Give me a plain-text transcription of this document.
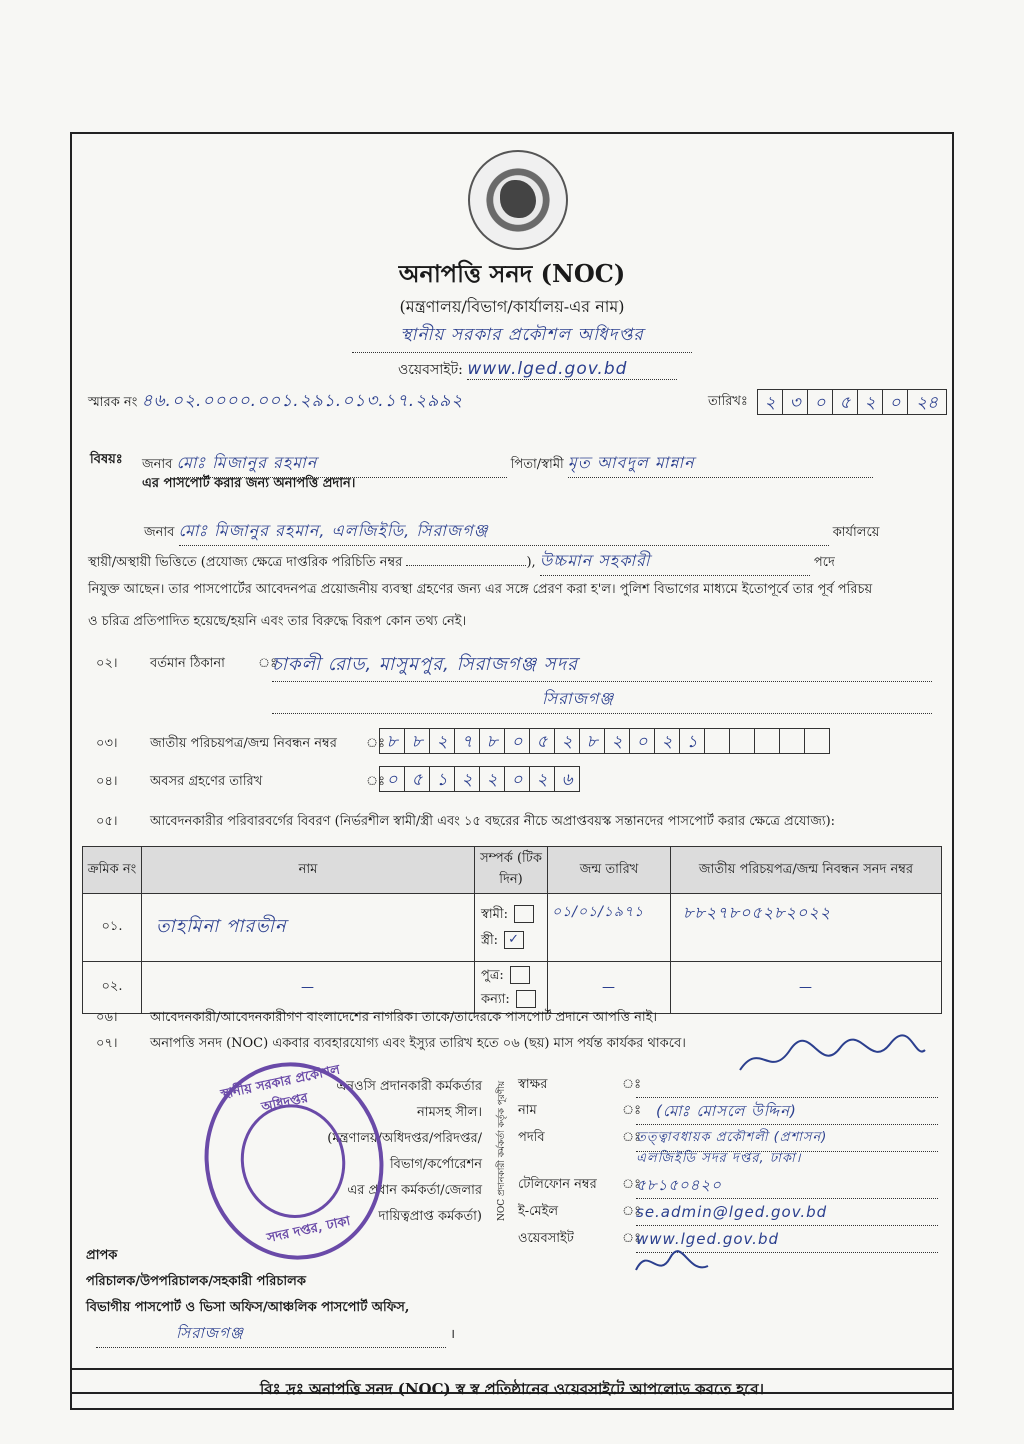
অনাপত্তি সনদ (NOC)
(মন্ত্রণালয়/বিভাগ/কার্যালয়-এর নাম)
স্থানীয় সরকার প্রকৌশল অধিদপ্তর
ওয়েবসাইট: www.lged.gov.bd
স্মারক নং ৪৬.০২.০০০০.০০১.২৯১.০১৩.১৭.২৯৯২	তারিখঃ ২ ৩ ০ ৫ ২ ০ ২৪
বিষয়ঃ জনাব মোঃ মিজানুর রহমান	পিতা/স্বামী মৃত আবদুল মান্নান
এর পাসপোর্ট করার জন্য অনাপত্তি প্রদান।
জনাব মোঃ মিজানুর রহমান, এলজিইডি, সিরাজগঞ্জ	কার্যালয়ে
স্থায়ী/অস্থায়ী ভিত্তিতে (প্রযোজ্য ক্ষেত্রে দাপ্তরিক পরিচিতি নম্বর	), উচ্চমান সহকারী	পদে
নিযুক্ত আছেন। তার পাসপোর্টের আবেদনপত্র প্রয়োজনীয় ব্যবস্থা গ্রহণের জন্য এর সঙ্গে প্রেরণ করা হ'ল। পুলিশ বিভাগের মাধ্যমে ইতোপূর্বে তার পূর্ব পরিচয়
ও চরিত্র প্রতিপাদিত হয়েছে/হয়নি এবং তার বিরুদ্ধে বিরূপ কোন তথ্য নেই।
০২। বর্তমান ঠিকানা	ঃ
চাকলী রোড, মাসুমপুর, সিরাজগঞ্জ সদর
সিরাজগঞ্জ
০৩। জাতীয় পরিচয়পত্র/জন্ম নিবন্ধন নম্বর ঃ ৮ ৮ ২ ৭ ৮ ০ ৫ ২ ৮ ২ ০ ২ ১
০৪। অবসর গ্রহণের তারিখ	ঃ ০ ৫ ১ ২ ২ ০ ২ ৬
০৫। আবেদনকারীর পরিবারবর্গের বিবরণ (নির্ভরশীল স্বামী/স্ত্রী এবং ১৫ বছরের নীচে অপ্রাপ্তবয়স্ক সন্তানদের পাসপোর্ট করার ক্ষেত্রে প্রযোজ্য):
ক্রমিক নং	নাম	সম্পর্ক (টিক দিন)	জন্ম তারিখ	জাতীয় পরিচয়পত্র/জন্ম নিবন্ধন সনদ নম্বর
০১.	তাহমিনা পারভীন	স্বামী:
স্ত্রী: ✓	০১/০১/১৯৭১	৮৮২৭৮০৫২৮২০২২
০২.	—	পুত্র:
কন্যা:	—	—
০৬। আবেদনকারী/আবেদনকারীগণ বাংলাদেশের নাগরিক। তাকে/তাদেরকে পাসপোর্ট প্রদানে আপত্তি নাই।
০৭। অনাপত্তি সনদ (NOC) একবার ব্যবহারযোগ্য এবং ইস্যুর তারিখ হতে ০৬ (ছয়) মাস পর্যন্ত কার্যকর থাকবে।
এনওসি প্রদানকারী কর্মকর্তার
নামসহ সীল।
(মন্ত্রণালয়/অধিদপ্তর/পরিদপ্তর/
বিভাগ/কর্পোরেশন
এর প্রধান কর্মকর্তা/জেলার
দায়িত্বপ্রাপ্ত কর্মকর্তা)	NOC প্রদানকারী কর্মকর্তা কর্তৃক পূরণীয় স্বাক্ষর	ঃ
নাম	ঃ (মোঃ মোসলে উদ্দিন)
পদবি	ঃ
তত্ত্বাবধায়ক প্রকৌশলী (প্রশাসন)
এলজিইডি সদর দপ্তর, ঢাকা।
টেলিফোন নম্বর	ঃ
৫৮১৫০৪২০
ই-মেইল	ঃ
se.admin@lged.gov.bd
ওয়েবসাইট	ঃ
www.lged.gov.bd
স্থানীয় সরকার প্রকৌশল অধিদপ্তর
সদর দপ্তর, ঢাকা
প্রাপক
পরিচালক/উপপরিচালক/সহকারী পরিচালক
বিভাগীয় পাসপোর্ট ও ভিসা অফিস/আঞ্চলিক পাসপোর্ট অফিস,
সিরাজগঞ্জ	।
বিঃ দ্রঃ অনাপত্তি সনদ (NOC) স্ব স্ব প্রতিষ্ঠানের ওয়েবসাইটে আপলোড করতে হবে।
